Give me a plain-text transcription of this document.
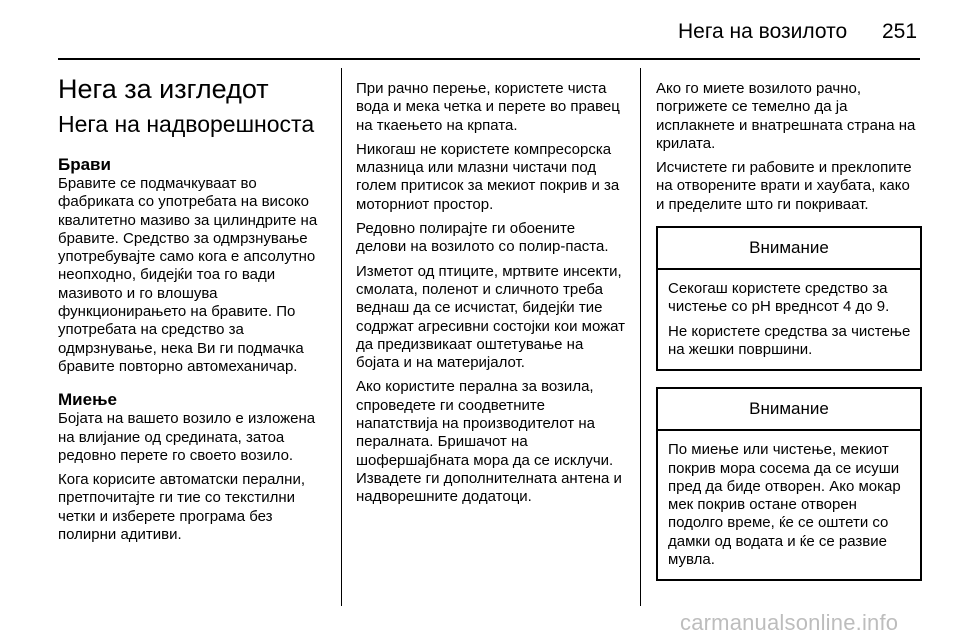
Нега на возилото 251
Нега за изгледот
Нега на надворешноста
Брави

Бравите се подмачкуваат во фабриката со употребата на високо квалитетно мазиво за цилиндрите на бравите. Средство за одмрзнување употребувајте само кога е апсолутно неопходно, бидејќи тоа го вади мазивото и го влошува функционирањето на бравите. По употребата на средство за одмрзнување, нека Ви ги подмачка бравите повторно автомеханичар.

Миење

Бојата на вашето возило е изложена на влијание од средината, затоа редовно перете го своето возило.

Кога корисите автоматски перални, претпочитајте ги тие со текстилни четки и изберете програма без полирни адитиви.

При рачно перење, користете чиста вода и мека четка и перете во правец на ткаењето на крпата.

Никогаш не користете компресорска млазница или млазни чистачи под голем притисок за мекиот покрив и за моторниот простор.

Редовно полирајте ги обоените делови на возилото со полир-паста.

Изметот од птиците, мртвите инсекти, смолата, поленот и сличното треба веднаш да се исчистат, бидејќи тие содржат агресивни состојки кои можат да предизвикаат оштетување на бојата и на материјалот.

Ако користите перална за возила, спроведете ги соодветните напатствија на производителот на пералната. Бришачот на шофершајбната мора да се исклучи. Извадете ги дополнителната антена и надворешните додатоци.

Ако го миете возилото рачно, погрижете се темелно да ја исплакнете и внатрешната страна на крилата.

Исчистете ги рабовите и преклопите на отворените врати и хаубата, како и пределите што ги покриваат.

Внимание

Секогаш користете средство за чистење со pH вреднсот 4 до 9.

Не користете средства за чистење на жешки површини.

Внимание

По миење или чистење, мекиот покрив мора сосема да се исуши пред да биде отворен. Ако мокар мек покрив остане отворен подолго време, ќе се оштети со дамки од водата и ќе се развие мувла.

carmanualsonline.info
